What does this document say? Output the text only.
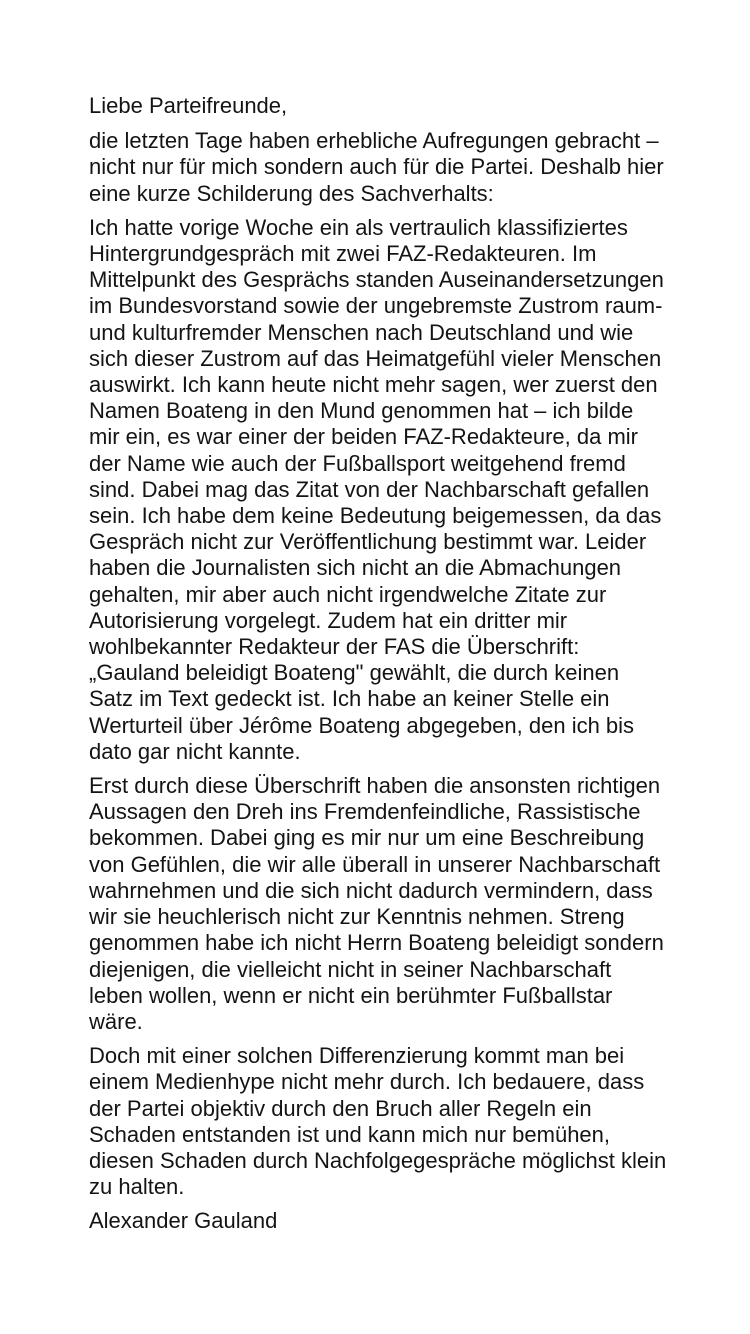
Liebe Parteifreunde,

die letzten Tage haben erhebliche Aufregungen gebracht – nicht nur für mich sondern auch für die Partei. Deshalb hier eine kurze Schilderung des Sachverhalts:

Ich hatte vorige Woche ein als vertraulich klassifiziertes Hintergrundgespräch mit zwei FAZ-Redakteuren. Im Mittelpunkt des Gesprächs standen Auseinandersetzungen im Bundesvorstand sowie der ungebremste Zustrom raum- und kulturfremder Menschen nach Deutschland und wie sich dieser Zustrom auf das Heimatgefühl vieler Menschen auswirkt. Ich kann heute nicht mehr sagen, wer zuerst den Namen Boateng in den Mund genommen hat – ich bilde mir ein, es war einer der beiden FAZ-Redakteure, da mir der Name wie auch der Fußballsport weitgehend fremd sind. Dabei mag das Zitat von der Nachbarschaft gefallen sein. Ich habe dem keine Bedeutung beigemessen, da das Gespräch nicht zur Veröffentlichung bestimmt war. Leider haben die Journalisten sich nicht an die Abmachungen gehalten, mir aber auch nicht irgendwelche Zitate zur Autorisierung vorgelegt. Zudem hat ein dritter mir wohlbekannter Redakteur der FAS die Überschrift: „Gauland beleidigt Boateng" gewählt, die durch keinen Satz im Text gedeckt ist. Ich habe an keiner Stelle ein Werturteil über Jérôme Boateng abgegeben, den ich bis dato gar nicht kannte.

Erst durch diese Überschrift haben die ansonsten richtigen Aussagen den Dreh ins Fremdenfeindliche, Rassistische bekommen. Dabei ging es mir nur um eine Beschreibung von Gefühlen, die wir alle überall in unserer Nachbarschaft wahrnehmen und die sich nicht dadurch vermindern, dass wir sie heuchlerisch nicht zur Kenntnis nehmen. Streng genommen habe ich nicht Herrn Boateng beleidigt sondern diejenigen, die vielleicht nicht in seiner Nachbarschaft leben wollen, wenn er nicht ein berühmter Fußballstar wäre.

Doch mit einer solchen Differenzierung kommt man bei einem Medienhype nicht mehr durch. Ich bedauere, dass der Partei objektiv durch den Bruch aller Regeln ein Schaden entstanden ist und kann mich nur bemühen, diesen Schaden durch Nachfolgegespräche möglichst klein zu halten.

Alexander Gauland
